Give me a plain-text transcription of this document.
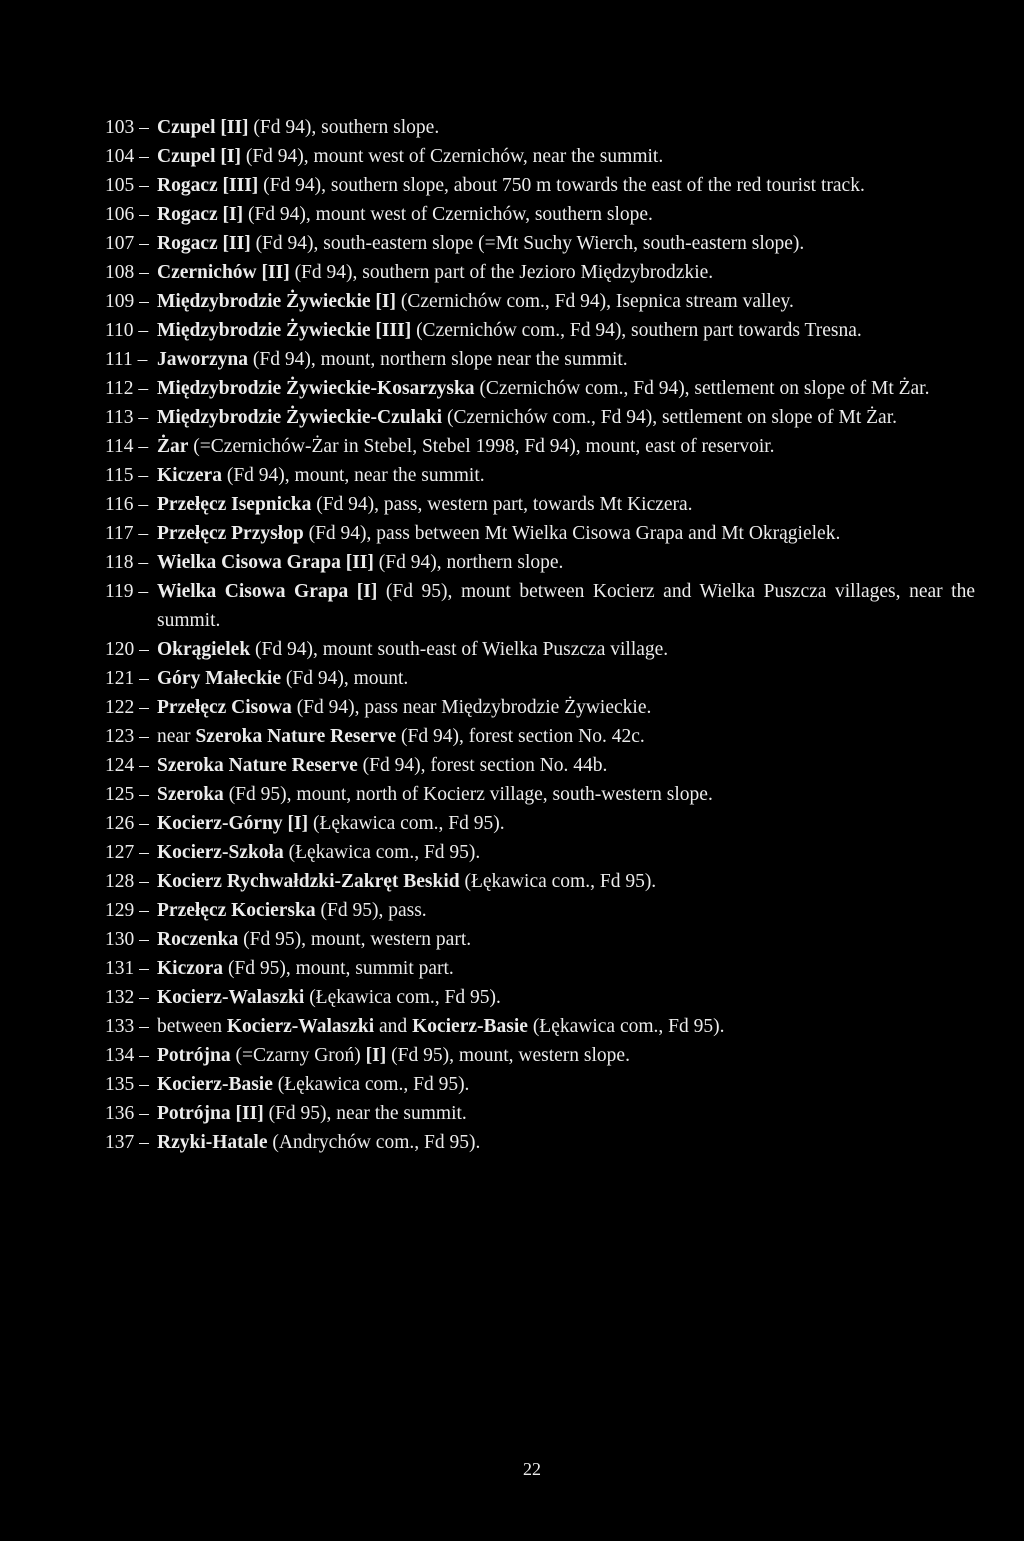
103 – Czupel [II] (Fd 94), southern slope.
104 – Czupel [I] (Fd 94), mount west of Czernichów, near the summit.
105 – Rogacz [III] (Fd 94), southern slope, about 750 m towards the east of the red tourist track.
106 – Rogacz [I] (Fd 94), mount west of Czernichów, southern slope.
107 – Rogacz [II] (Fd 94), south-eastern slope (=Mt Suchy Wierch, south-eastern slope).
108 – Czernichów [II] (Fd 94), southern part of the Jezioro Międzybrodzkie.
109 – Międzybrodzie Żywieckie [I] (Czernichów com., Fd 94), Isepnica stream valley.
110 – Międzybrodzie Żywieckie [III] (Czernichów com., Fd 94), southern part towards Tresna.
111 – Jaworzyna (Fd 94), mount, northern slope near the summit.
112 – Międzybrodzie Żywieckie-Kosarzyska (Czernichów com., Fd 94), settlement on slope of Mt Żar.
113 – Międzybrodzie Żywieckie-Czulaki (Czernichów com., Fd 94), settlement on slope of Mt Żar.
114 – Żar (=Czernichów-Żar in Stebel, Stebel 1998, Fd 94), mount, east of reservoir.
115 – Kiczera (Fd 94), mount, near the summit.
116 – Przełęcz Isepnicka (Fd 94), pass, western part, towards Mt Kiczera.
117 – Przełęcz Przysłop (Fd 94), pass between Mt Wielka Cisowa Grapa and Mt Okrągielek.
118 – Wielka Cisowa Grapa [II] (Fd 94), northern slope.
119 – Wielka Cisowa Grapa [I] (Fd 95), mount between Kocierz and Wielka Puszcza villages, near the summit.
120 – Okrągielek (Fd 94), mount south-east of Wielka Puszcza village.
121 – Góry Małeckie (Fd 94), mount.
122 – Przełęcz Cisowa (Fd 94), pass near Międzybrodzie Żywieckie.
123 – near Szeroka Nature Reserve (Fd 94), forest section No. 42c.
124 – Szeroka Nature Reserve (Fd 94), forest section No. 44b.
125 – Szeroka (Fd 95), mount, north of Kocierz village, south-western slope.
126 – Kocierz-Górny [I] (Łękawica com., Fd 95).
127 – Kocierz-Szkoła (Łękawica com., Fd 95).
128 – Kocierz Rychwałdzki-Zakręt Beskid (Łękawica com., Fd 95).
129 – Przełęcz Kocierska (Fd 95), pass.
130 – Roczenka (Fd 95), mount, western part.
131 – Kiczora (Fd 95), mount, summit part.
132 – Kocierz-Walaszki (Łękawica com., Fd 95).
133 – between Kocierz-Walaszki and Kocierz-Basie (Łękawica com., Fd 95).
134 – Potrójna (=Czarny Groń) [I] (Fd 95), mount, western slope.
135 – Kocierz-Basie (Łękawica com., Fd 95).
136 – Potrójna [II] (Fd 95), near the summit.
137 – Rzyki-Hatale (Andrychów com., Fd 95).
22
